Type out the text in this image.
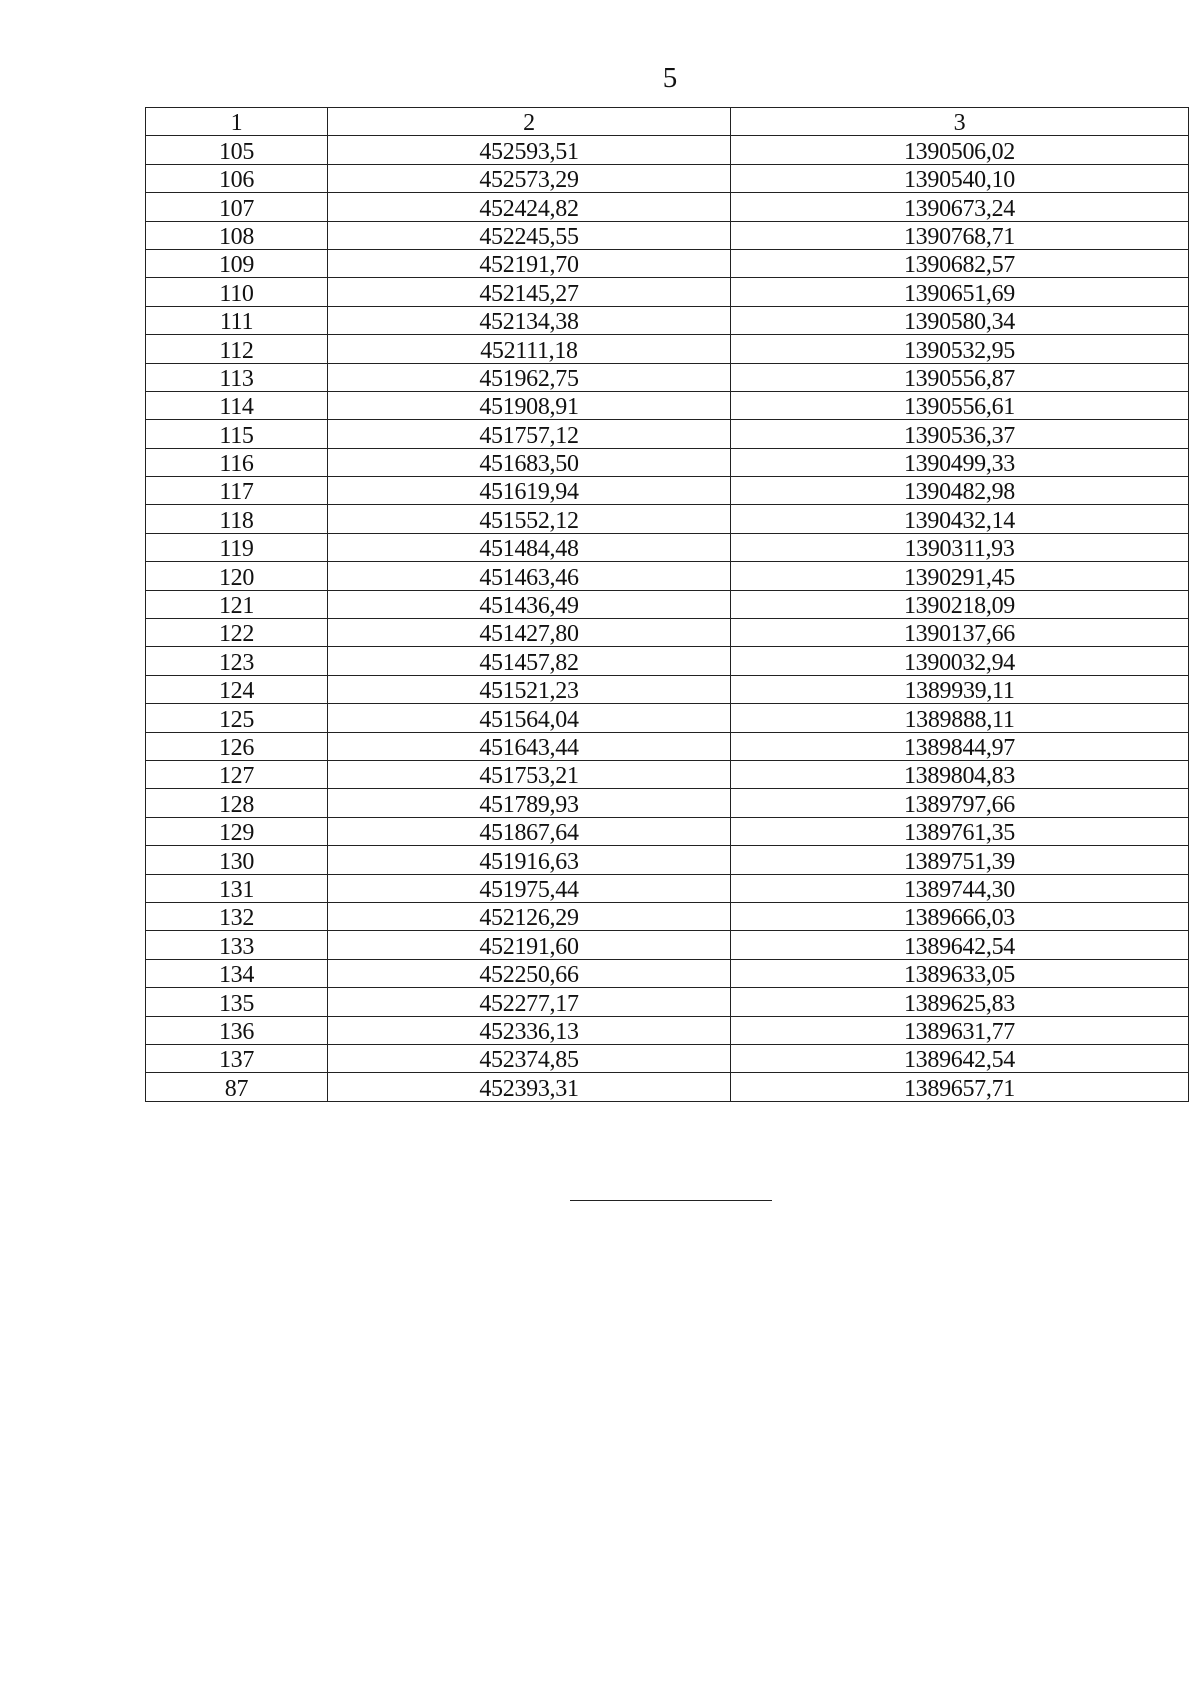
5
1	2	3
105	452593,51	1390506,02
106	452573,29	1390540,10
107	452424,82	1390673,24
108	452245,55	1390768,71
109	452191,70	1390682,57
110	452145,27	1390651,69
111	452134,38	1390580,34
112	452111,18	1390532,95
113	451962,75	1390556,87
114	451908,91	1390556,61
115	451757,12	1390536,37
116	451683,50	1390499,33
117	451619,94	1390482,98
118	451552,12	1390432,14
119	451484,48	1390311,93
120	451463,46	1390291,45
121	451436,49	1390218,09
122	451427,80	1390137,66
123	451457,82	1390032,94
124	451521,23	1389939,11
125	451564,04	1389888,11
126	451643,44	1389844,97
127	451753,21	1389804,83
128	451789,93	1389797,66
129	451867,64	1389761,35
130	451916,63	1389751,39
131	451975,44	1389744,30
132	452126,29	1389666,03
133	452191,60	1389642,54
134	452250,66	1389633,05
135	452277,17	1389625,83
136	452336,13	1389631,77
137	452374,85	1389642,54
87	452393,31	1389657,71
